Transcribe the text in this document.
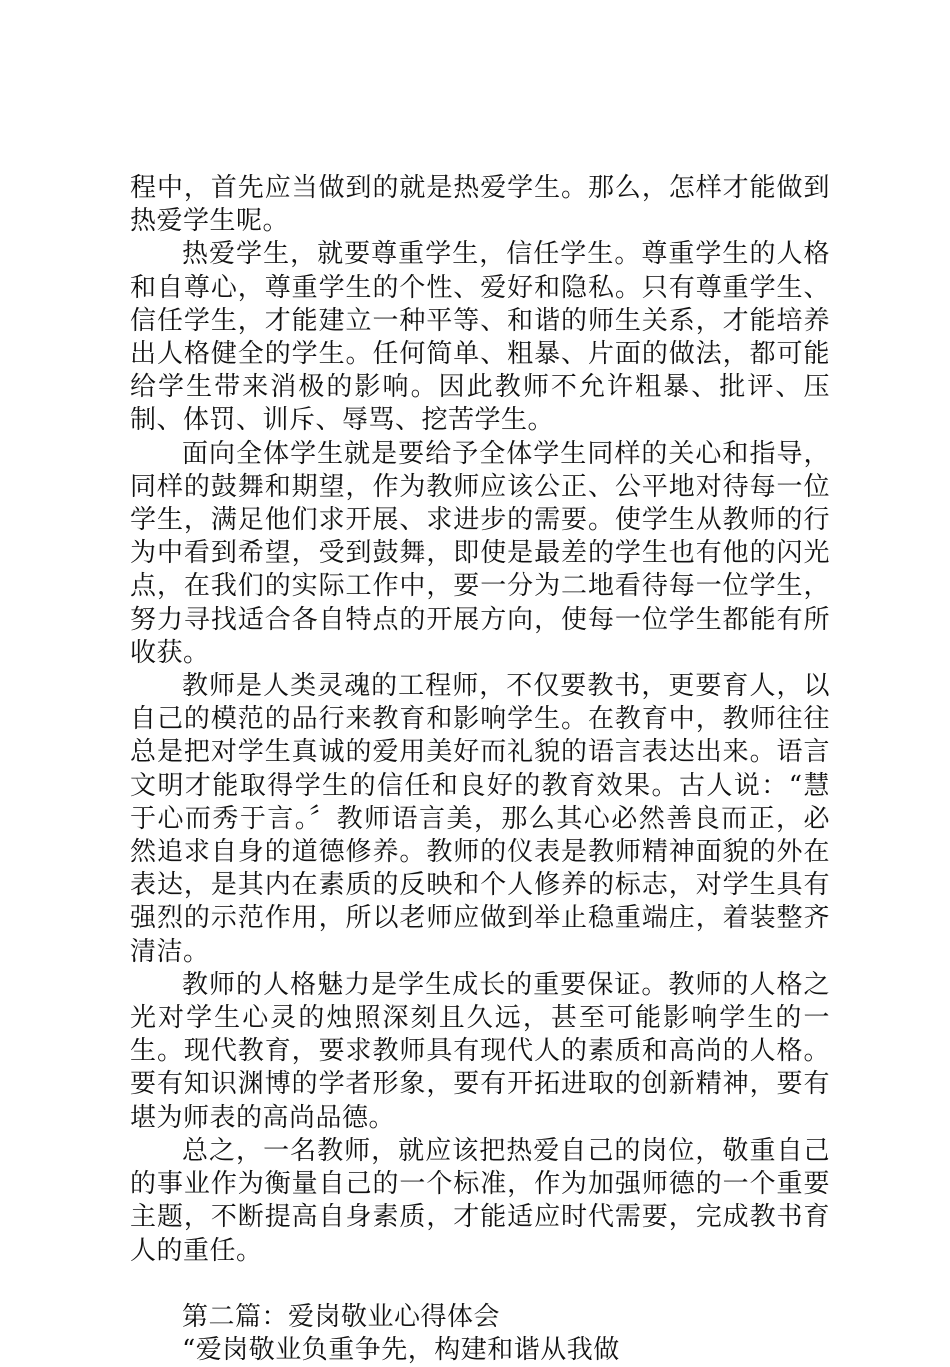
程中，首先应当做到的就是热爱学生。那么，怎样才能做到热爱学生呢。

热爱学生，就要尊重学生，信任学生。尊重学生的人格和自尊心，尊重学生的个性、爱好和隐私。只有尊重学生、信任学生，才能建立一种平等、和谐的师生关系，才能培养出人格健全的学生。任何简单、粗暴、片面的做法，都可能给学生带来消极的影响。因此教师不允许粗暴、批评、压制、体罚、训斥、辱骂、挖苦学生。

面向全体学生就是要给予全体学生同样的关心和指导，同样的鼓舞和期望，作为教师应该公正、公平地对待每一位学生，满足他们求开展、求进步的需要。使学生从教师的行为中看到希望，受到鼓舞，即使是最差的学生也有他的闪光点，在我们的实际工作中，要一分为二地看待每一位学生，努力寻找适合各自特点的开展方向，使每一位学生都能有所收获。

教师是人类灵魂的工程师，不仅要教书，更要育人，以自己的模范的品行来教育和影响学生。在教育中，教师往往总是把对学生真诚的爱用美好而礼貌的语言表达出来。语言文明才能取得学生的信任和良好的教育效果。古人说：“慧于心而秀于言。〞教师语言美，那么其心必然善良而正，必然追求自身的道德修养。教师的仪表是教师精神面貌的外在表达，是其内在素质的反映和个人修养的标志，对学生具有强烈的示范作用，所以老师应做到举止稳重端庄，着装整齐清洁。

教师的人格魅力是学生成长的重要保证。教师的人格之光对学生心灵的烛照深刻且久远，甚至可能影响学生的一生。现代教育，要求教师具有现代人的素质和高尚的人格。要有知识渊博的学者形象，要有开拓进取的创新精神，要有堪为师表的高尚品德。

总之，一名教师，就应该把热爱自己的岗位，敬重自己的事业作为衡量自己的一个标准，作为加强师德的一个重要主题，不断提高自身素质，才能适应时代需要，完成教书育人的重任。

第二篇：爱岗敬业心得体会

“爱岗敬业负重争先，构建和谐从我做
